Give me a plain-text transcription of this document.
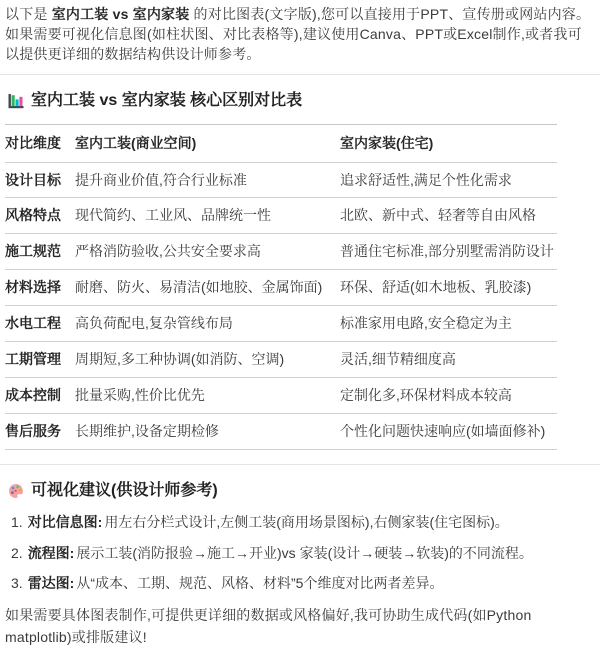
以下是 室内工装 vs 室内家装 的对比图表(文字版),您可以直接用于PPT、宣传册或网站内容。如果需要可视化信息图(如柱状图、对比表格等),建议使用Canva、PPT或Excel制作,或者我可以提供更详细的数据结构供设计师参考。

室内工装 vs 室内家装 核心区别对比表
对比维度	室内工装(商业空间)	室内家装(住宅)
设计目标	提升商业价值,符合行业标准	追求舒适性,满足个性化需求
风格特点	现代简约、工业风、品牌统一性	北欧、新中式、轻奢等自由风格
施工规范	严格消防验收,公共安全要求高	普通住宅标准,部分别墅需消防设计
材料选择	耐磨、防火、易清洁(如地胶、金属饰面)	环保、舒适(如木地板、乳胶漆)
水电工程	高负荷配电,复杂管线布局	标准家用电路,安全稳定为主
工期管理	周期短,多工种协调(如消防、空调)	灵活,细节精细度高
成本控制	批量采购,性价比优先	定制化多,环保材料成本较高
售后服务	长期维护,设备定期检修	个性化问题快速响应(如墙面修补)
可视化建议(供设计师参考)
1. 对比信息图: 用左右分栏式设计,左侧工装(商用场景图标),右侧家装(住宅图标)。
2. 流程图: 展示工装(消防报验→施工→开业)vs 家装(设计→硬装→软装)的不同流程。
3. 雷达图: 从“成本、工期、规范、风格、材料”5个维度对比两者差异。

如果需要具体图表制作,可提供更详细的数据或风格偏好,我可协助生成代码(如Python matplotlib)或排版建议!
